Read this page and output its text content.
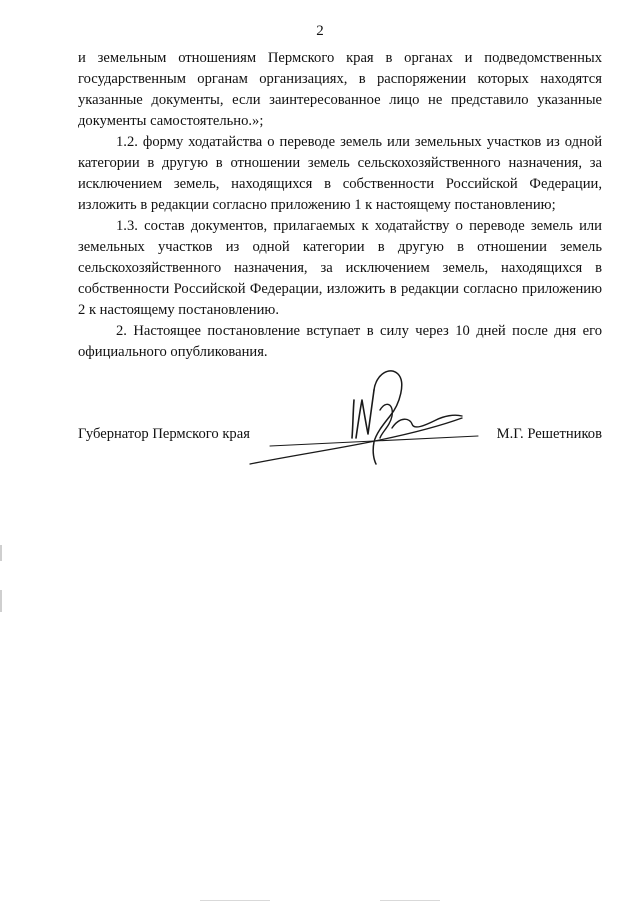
2

и земельным отношениям Пермского края в органах и подведомственных государственным органам организациях, в распоряжении которых находятся указанные документы, если заинтересованное лицо не представило указанные документы самостоятельно.»;

1.2. форму ходатайства о переводе земель или земельных участков из одной категории в другую в отношении земель сельскохозяйственного назначения, за исключением земель, находящихся в собственности Российской Федерации, изложить в редакции согласно приложению 1 к настоящему постановлению;

1.3. состав документов, прилагаемых к ходатайству о переводе земель или земельных участков из одной категории в другую в отношении земель сельскохозяйственного назначения, за исключением земель, находящихся в собственности Российской Федерации, изложить в редакции согласно приложению 2 к настоящему постановлению.

2. Настоящее постановление вступает в силу через 10 дней после дня его официального опубликования.

Губернатор Пермского края	М.Г. Решетников
